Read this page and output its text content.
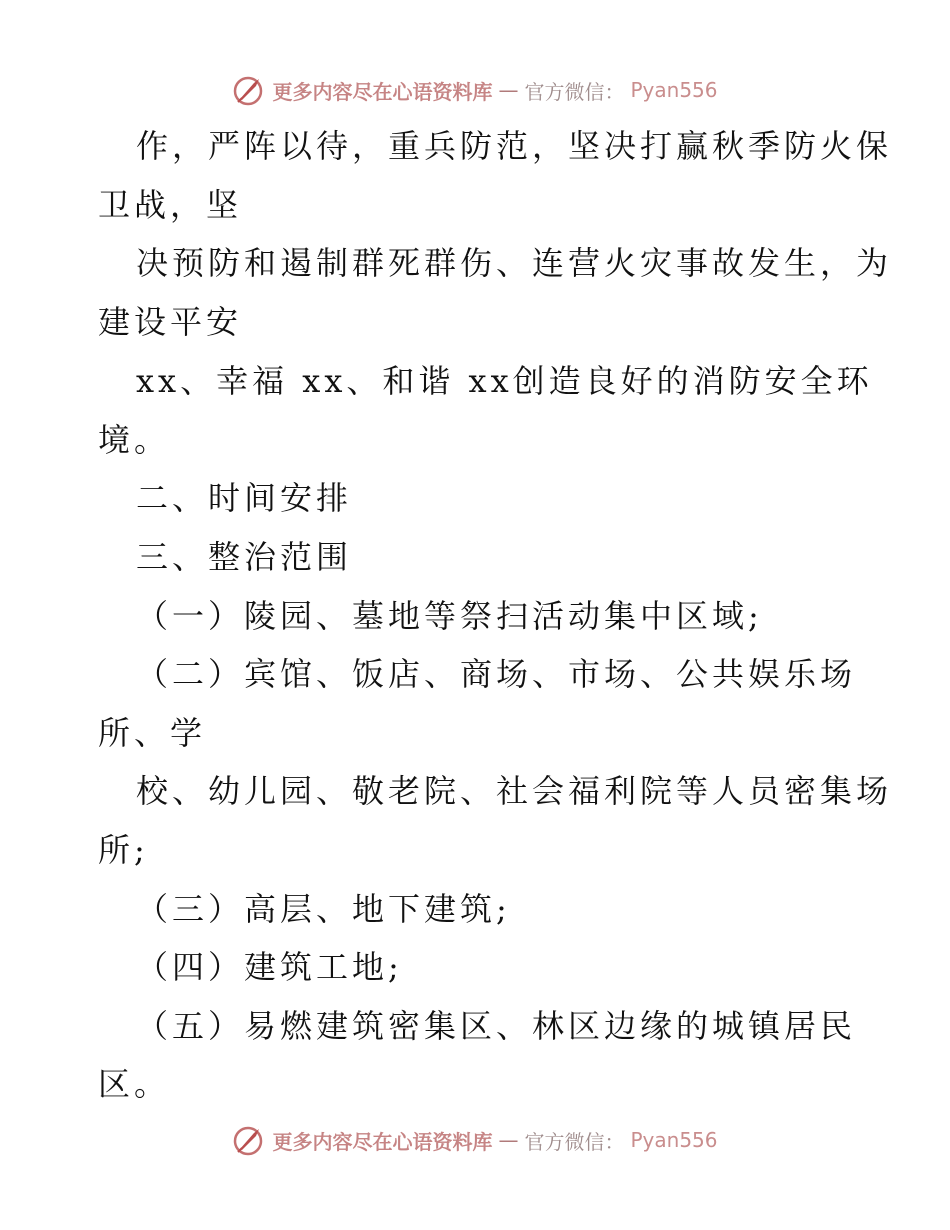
更多内容尽在心语资料库 — 官方微信： Pyan556
作，严阵以待，重兵防范，坚决打赢秋季防火保
卫战，坚
决预防和遏制群死群伤、连营火灾事故发生，为
建设平安
xx、幸福 xx、和谐 xx创造良好的消防安全环
境。
二、时间安排
三、整治范围
（一）陵园、墓地等祭扫活动集中区域;
（二）宾馆、饭店、商场、市场、公共娱乐场
所、学
校、幼儿园、敬老院、社会福利院等人员密集场
所;
（三）高层、地下建筑;
（四）建筑工地;
（五）易燃建筑密集区、林区边缘的城镇居民
区。
更多内容尽在心语资料库 — 官方微信： Pyan556
